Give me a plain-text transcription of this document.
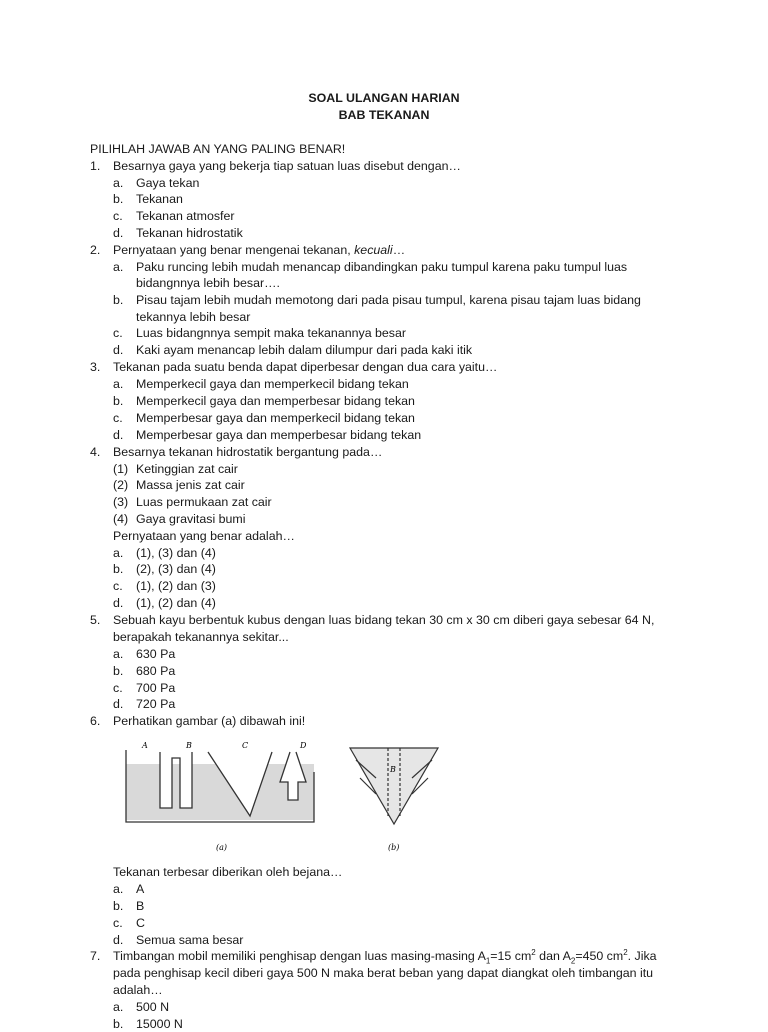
SOAL ULANGAN HARIAN
BAB TEKANAN
PILIHLAH JAWAB AN YANG PALING BENAR!
1. Besarnya gaya yang bekerja tiap satuan luas disebut dengan…
a. Gaya tekan
b. Tekanan
c. Tekanan atmosfer
d. Tekanan hidrostatik
2. Pernyataan yang benar mengenai tekanan, kecuali…
a. Paku runcing lebih mudah menancap dibandingkan paku tumpul karena paku tumpul luas
bidangnnya lebih besar….
b. Pisau tajam lebih mudah memotong dari pada pisau tumpul, karena pisau tajam luas bidang
tekannya lebih besar
c. Luas bidangnnya sempit maka tekanannya besar
d. Kaki ayam menancap lebih dalam dilumpur dari pada kaki itik
3. Tekanan pada suatu benda dapat diperbesar dengan dua cara yaitu…
a. Memperkecil gaya dan memperkecil bidang tekan
b. Memperkecil gaya dan memperbesar bidang tekan
c. Memperbesar gaya dan memperkecil bidang tekan
d. Memperbesar gaya dan memperbesar bidang tekan
4. Besarnya tekanan hidrostatik bergantung pada…
(1) Ketinggian zat cair
(2) Massa jenis zat cair
(3) Luas permukaan zat cair
(4) Gaya gravitasi bumi
Pernyataan yang benar adalah…
a. (1), (3) dan (4)
b. (2), (3) dan (4)
c. (1), (2) dan (3)
d. (1), (2) dan (4)
5. Sebuah kayu berbentuk kubus dengan luas bidang tekan 30 cm x 30 cm diberi gaya sebesar 64 N,
berapakah tekanannya sekitar...
a. 630 Pa
b. 680 Pa
c. 700 Pa
d. 720 Pa
6. Perhatikan gambar (a) dibawah ini!
A	B	C	D
(a)
B
(b)
Tekanan terbesar diberikan oleh bejana…
a. A
b. B
c. C
d. Semua sama besar
7. Timbangan mobil memiliki penghisap dengan luas masing-masing $A_1=15$ $cm^2$ dan $A_2=450$ $cm^2$. Jika
pada penghisap kecil diberi gaya 500 N maka berat beban yang dapat diangkat oleh timbangan itu
adalah…
a. 500 N
b. 15000 N
